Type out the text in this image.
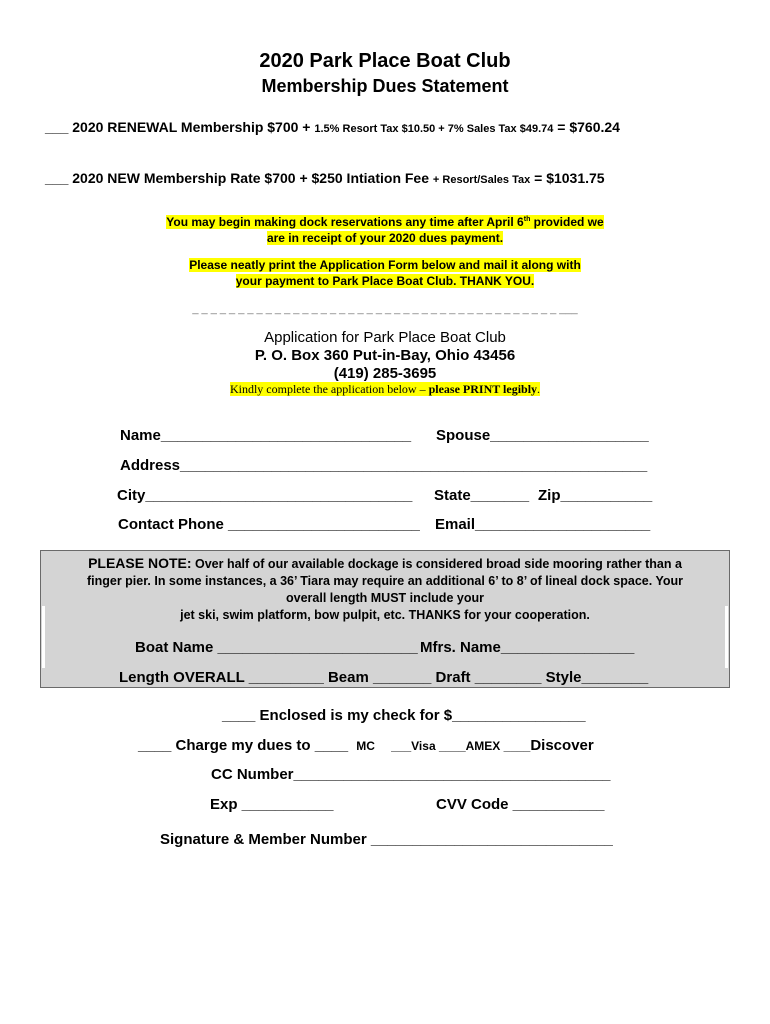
2020 Park Place Boat Club
Membership Dues Statement
___ 2020 RENEWAL Membership $700 + 1.5% Resort Tax $10.50 + 7% Sales Tax $49.74 = $760.24
___ 2020 NEW Membership Rate $700 + $250 Intiation Fee + Resort/Sales Tax = $1031.75
You may begin making dock reservations any time after April 6th provided we
are in receipt of your 2020 dues payment.
Please neatly print the Application Form below and mail it along with
your payment to Park Place Boat Club. THANK YOU.
_ _ _ _ _ _ _ _ _ _ _ _ _ _ _ _ _ _ _ _ _ _ _ _ _ _ _ _ _ _ _ _ _ _ _ _ _ _ _ _ ___
Application for Park Place Boat Club
P. O. Box 360 Put-in-Bay, Ohio 43456
(419) 285-3695
Kindly complete the application below – please PRINT legibly.
Name______________________________ Spouse___________________
Address________________________________________________________
City________________________________ State_______ Zip___________
Contact Phone _______________________ Email_____________________
PLEASE NOTE: Over half of our available dockage is considered broad side mooring rather than a
finger pier. In some instances, a 36’ Tiara may require an additional 6’ to 8’ of lineal dock space. Your
overall length MUST include your
jet ski, swim platform, bow pulpit, etc. THANKS for your cooperation.
Boat Name ________________________ Mfrs. Name________________
Length OVERALL _________ Beam _______ Draft ________ Style________
____ Enclosed is my check for $________________
____ Charge my dues to ____ MC ___Visa ____AMEX ____Discover
CC Number______________________________________
Exp ___________	CVV Code ___________
Signature & Member Number _____________________________
